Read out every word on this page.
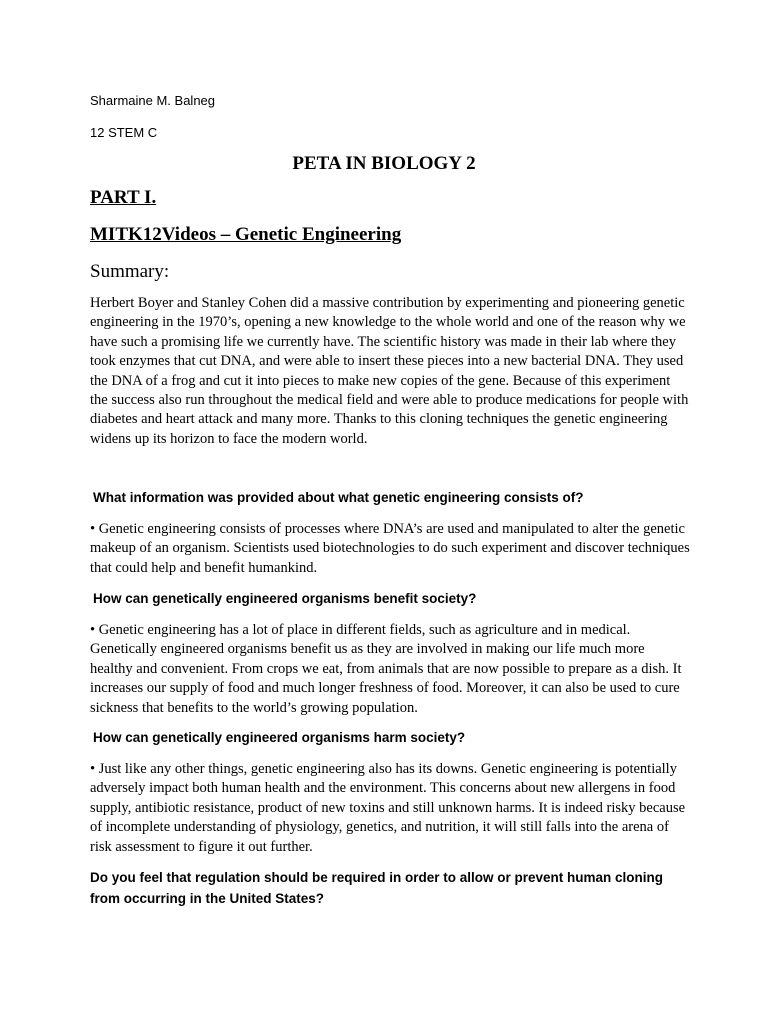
Sharmaine M. Balneg
12 STEM C
PETA IN BIOLOGY 2
PART I.
MITK12Videos – Genetic Engineering
Summary:

Herbert Boyer and Stanley Cohen did a massive contribution by experimenting and pioneering genetic engineering in the 1970’s, opening a new knowledge to the whole world and one of the reason why we have such a promising life we currently have. The scientific history was made in their lab where they took enzymes that cut DNA, and were able to insert these pieces into a new bacterial DNA. They used the DNA of a frog and cut it into pieces to make new copies of the gene. Because of this experiment the success also run throughout the medical field and were able to produce medications for people with diabetes and heart attack and many more. Thanks to this cloning techniques the genetic engineering widens up its horizon to face the modern world.

What information was provided about what genetic engineering consists of?

• Genetic engineering consists of processes where DNA’s are used and manipulated to alter the genetic makeup of an organism. Scientists used biotechnologies to do such experiment and discover techniques that could help and benefit humankind.

How can genetically engineered organisms benefit society?

• Genetic engineering has a lot of place in different fields, such as agriculture and in medical. Genetically engineered organisms benefit us as they are involved in making our life much more healthy and convenient. From crops we eat, from animals that are now possible to prepare as a dish. It increases our supply of food and much longer freshness of food. Moreover, it can also be used to cure sickness that benefits to the world’s growing population.

How can genetically engineered organisms harm society?

• Just like any other things, genetic engineering also has its downs. Genetic engineering is potentially adversely impact both human health and the environment. This concerns about new allergens in food supply, antibiotic resistance, product of new toxins and still unknown harms. It is indeed risky because of incomplete understanding of physiology, genetics, and nutrition, it will still falls into the arena of risk assessment to figure it out further.

Do you feel that regulation should be required in order to allow or prevent human cloning from occurring in the United States?
